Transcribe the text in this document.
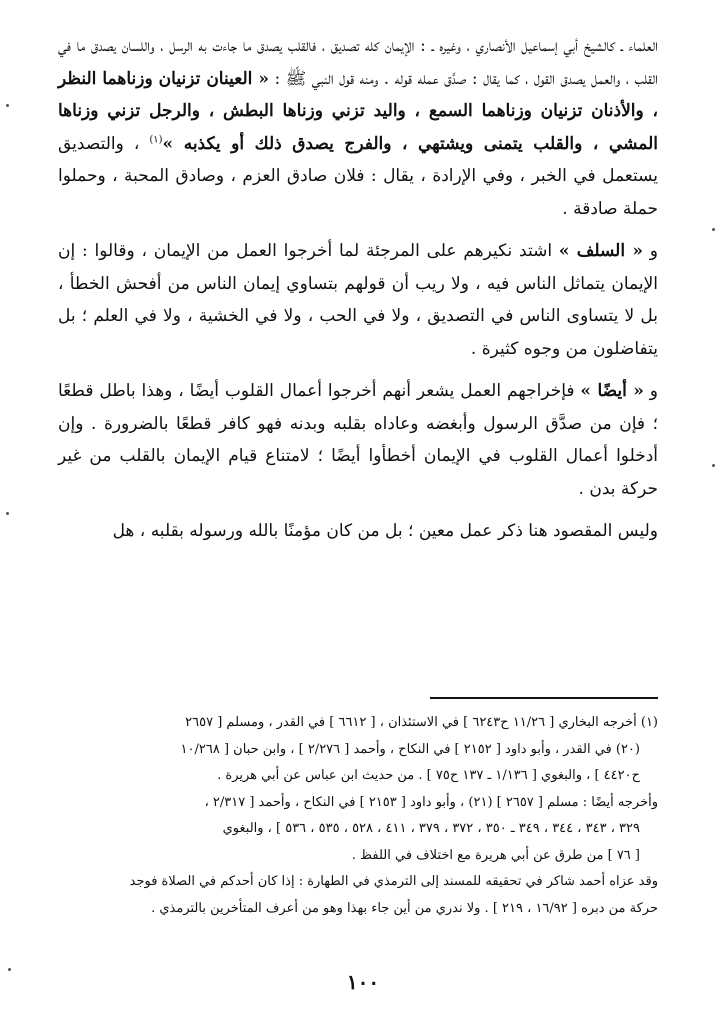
العلماء ـ كالشيخ أبي إسماعيل الأنصاري ، وغيره ـ : الإيمان كله تصديق ، فالقلب يصدق ما جاءت به الرسل ، واللسان يصدق ما في القلب ، والعمل يصدق القول ، كما يقال : صدَّق عمله قوله . ومنه قول النبي ﷺ : « العينان تزنيان وزناهما النظر ، والأذنان تزنيان وزناهما السمع ، واليد تزني وزناها البطش ، والرجل تزني وزناها المشي ، والقلب يتمنى ويشتهي ، والفرج يصدق ذلك أو يكذبه »$^{(١)}$ ، والتصديق يستعمل في الخبر ، وفي الإرادة ، يقال : فلان صادق العزم ، وصادق المحبة ، وحملوا حملة صادقة .

و « السلف » اشتد نكيرهم على المرجئة لما أخرجوا العمل من الإيمان ، وقالوا : إن الإيمان يتماثل الناس فيه ، ولا ريب أن قولهم بتساوي إيمان الناس من أفحش الخطأ ، بل لا يتساوى الناس في التصديق ، ولا في الحب ، ولا في الخشية ، ولا في العلم ؛ بل يتفاضلون من وجوه كثيرة .

و « أيضًا » فإخراجهم العمل يشعر أنهم أخرجوا أعمال القلوب أيضًا ، وهذا باطل قطعًا ؛ فإن من صدَّق الرسول وأبغضه وعاداه بقلبه وبدنه فهو كافر قطعًا بالضرورة . وإن أدخلوا أعمال القلوب في الإيمان أخطأوا أيضًا ؛ لامتناع قيام الإيمان بالقلب من غير حركة بدن .

وليس المقصود هنا ذكر عمل معين ؛ بل من كان مؤمنًا بالله ورسوله بقلبه ، هل

(١) أخرجه البخاري [ ١١/٢٦ ح٦٢٤٣ ] في الاستئذان ، [ ٦٦١٢ ] في القدر ، ومسلم [ ٢٦٥٧

(٢٠) في القدر ، وأبو داود [ ٢١٥٢ ] في النكاح ، وأحمد [ ٢/٢٧٦ ] ، وابن حبان [ ١٠/٢٦٨

ح٤٤٢٠ ] ، والبغوي [ ١/١٣٦ ـ ١٣٧ ح٧٥ ] . من حديث ابن عباس عن أبي هريرة .

وأخرجه أيضًا : مسلم [ ٢٦٥٧ ] (٢١) ، وأبو داود [ ٢١٥٣ ] في النكاح ، وأحمد [ ٢/٣١٧ ،

٣٢٩ ، ٣٤٣ ، ٣٤٤ ، ٣٤٩ ـ ٣٥٠ ، ٣٧٢ ، ٣٧٩ ، ٤١١ ، ٥٢٨ ، ٥٣٥ ، ٥٣٦ ] ، والبغوي

[ ٧٦ ] من طرق عن أبي هريرة مع اختلاف في اللفظ .

وقد عزاه أحمد شاكر في تحقيقه للمسند إلى الترمذي في الطهارة : إذا كان أحدكم في الصلاة فوجد

حركة من دبره [ ١٦/٩٢ ، ٢١٩ ] . ولا ندري من أين جاء بهذا وهو من أعرف المتأخرين بالترمذي .

١٠٠
